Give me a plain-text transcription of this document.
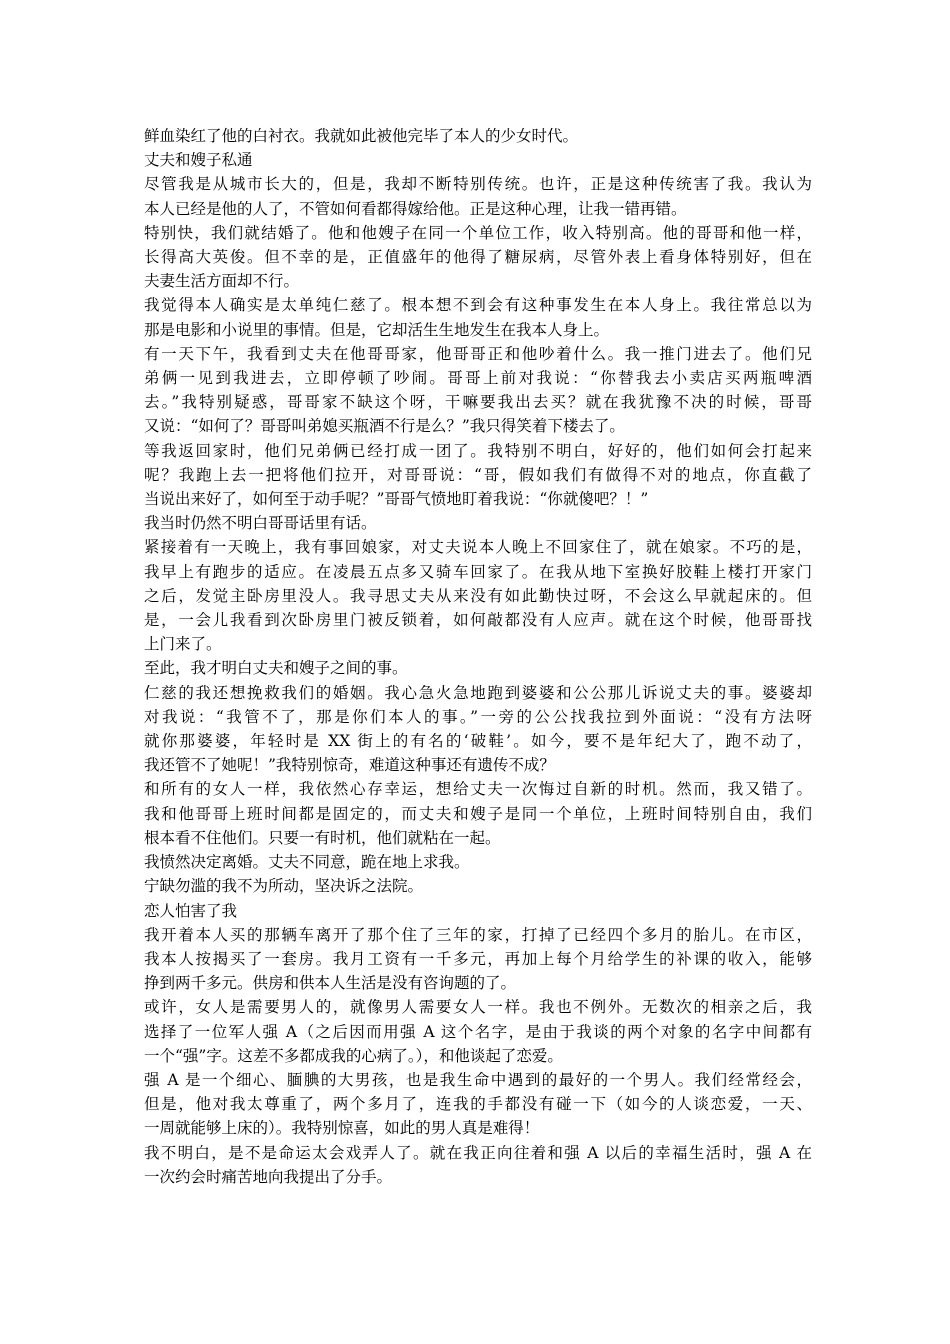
鲜血染红了他的白衬衣。我就如此被他完毕了本人的少女时代。
丈夫和嫂子私通
尽管我是从城市长大的，但是，我却不断特别传统。也许，正是这种传统害了我。我认为
本人已经是他的人了，不管如何看都得嫁给他。正是这种心理，让我一错再错。
特别快，我们就结婚了。他和他嫂子在同一个单位工作，收入特别高。他的哥哥和他一样，
长得高大英俊。但不幸的是，正值盛年的他得了糖尿病，尽管外表上看身体特别好，但在
夫妻生活方面却不行。
我觉得本人确实是太单纯仁慈了。根本想不到会有这种事发生在本人身上。我往常总以为
那是电影和小说里的事情。但是，它却活生生地发生在我本人身上。
有一天下午，我看到丈夫在他哥哥家，他哥哥正和他吵着什么。我一推门进去了。他们兄
弟俩一见到我进去，立即停顿了吵闹。哥哥上前对我说：“你替我去小卖店买两瓶啤酒
去。”我特别疑惑，哥哥家不缺这个呀，干嘛要我出去买？就在我犹豫不决的时候，哥哥
又说：“如何了？哥哥叫弟媳买瓶酒不行是么？”我只得笑着下楼去了。
等我返回家时，他们兄弟俩已经打成一团了。我特别不明白，好好的，他们如何会打起来
呢？我跑上去一把将他们拉开，对哥哥说：“哥，假如我们有做得不对的地点，你直截了
当说出来好了，如何至于动手呢？”哥哥气愤地盯着我说：“你就傻吧？！”
我当时仍然不明白哥哥话里有话。
紧接着有一天晚上，我有事回娘家，对丈夫说本人晚上不回家住了，就在娘家。不巧的是，
我早上有跑步的适应。在凌晨五点多又骑车回家了。在我从地下室换好胶鞋上楼打开家门
之后，发觉主卧房里没人。我寻思丈夫从来没有如此勤快过呀，不会这么早就起床的。但
是，一会儿我看到次卧房里门被反锁着，如何敲都没有人应声。就在这个时候，他哥哥找
上门来了。
至此，我才明白丈夫和嫂子之间的事。
仁慈的我还想挽救我们的婚姻。我心急火急地跑到婆婆和公公那儿诉说丈夫的事。婆婆却
对我说：“我管不了，那是你们本人的事。”一旁的公公找我拉到外面说：“没有方法呀
就你那婆婆，年轻时是 XX 街上的有名的‘破鞋’。如今，要不是年纪大了，跑不动了，
我还管不了她呢！”我特别惊奇，难道这种事还有遗传不成？
和所有的女人一样，我依然心存幸运，想给丈夫一次悔过自新的时机。然而，我又错了。
我和他哥哥上班时间都是固定的，而丈夫和嫂子是同一个单位，上班时间特别自由，我们
根本看不住他们。只要一有时机，他们就粘在一起。
我愤然决定离婚。丈夫不同意，跪在地上求我。
宁缺勿滥的我不为所动，坚决诉之法院。
恋人怕害了我
我开着本人买的那辆车离开了那个住了三年的家，打掉了已经四个多月的胎儿。在市区，
我本人按揭买了一套房。我月工资有一千多元，再加上每个月给学生的补课的收入，能够
挣到两千多元。供房和供本人生活是没有咨询题的了。
或许，女人是需要男人的，就像男人需要女人一样。我也不例外。无数次的相亲之后，我
选择了一位军人强 A（之后因而用强 A 这个名字，是由于我谈的两个对象的名字中间都有
一个“强”字。这差不多都成我的心病了。），和他谈起了恋爱。
强 A 是一个细心、腼腆的大男孩，也是我生命中遇到的最好的一个男人。我们经常经会，
但是，他对我太尊重了，两个多月了，连我的手都没有碰一下（如今的人谈恋爱，一天、
一周就能够上床的）。我特别惊喜，如此的男人真是难得！
我不明白，是不是命运太会戏弄人了。就在我正向往着和强 A 以后的幸福生活时，强 A 在
一次约会时痛苦地向我提出了分手。
